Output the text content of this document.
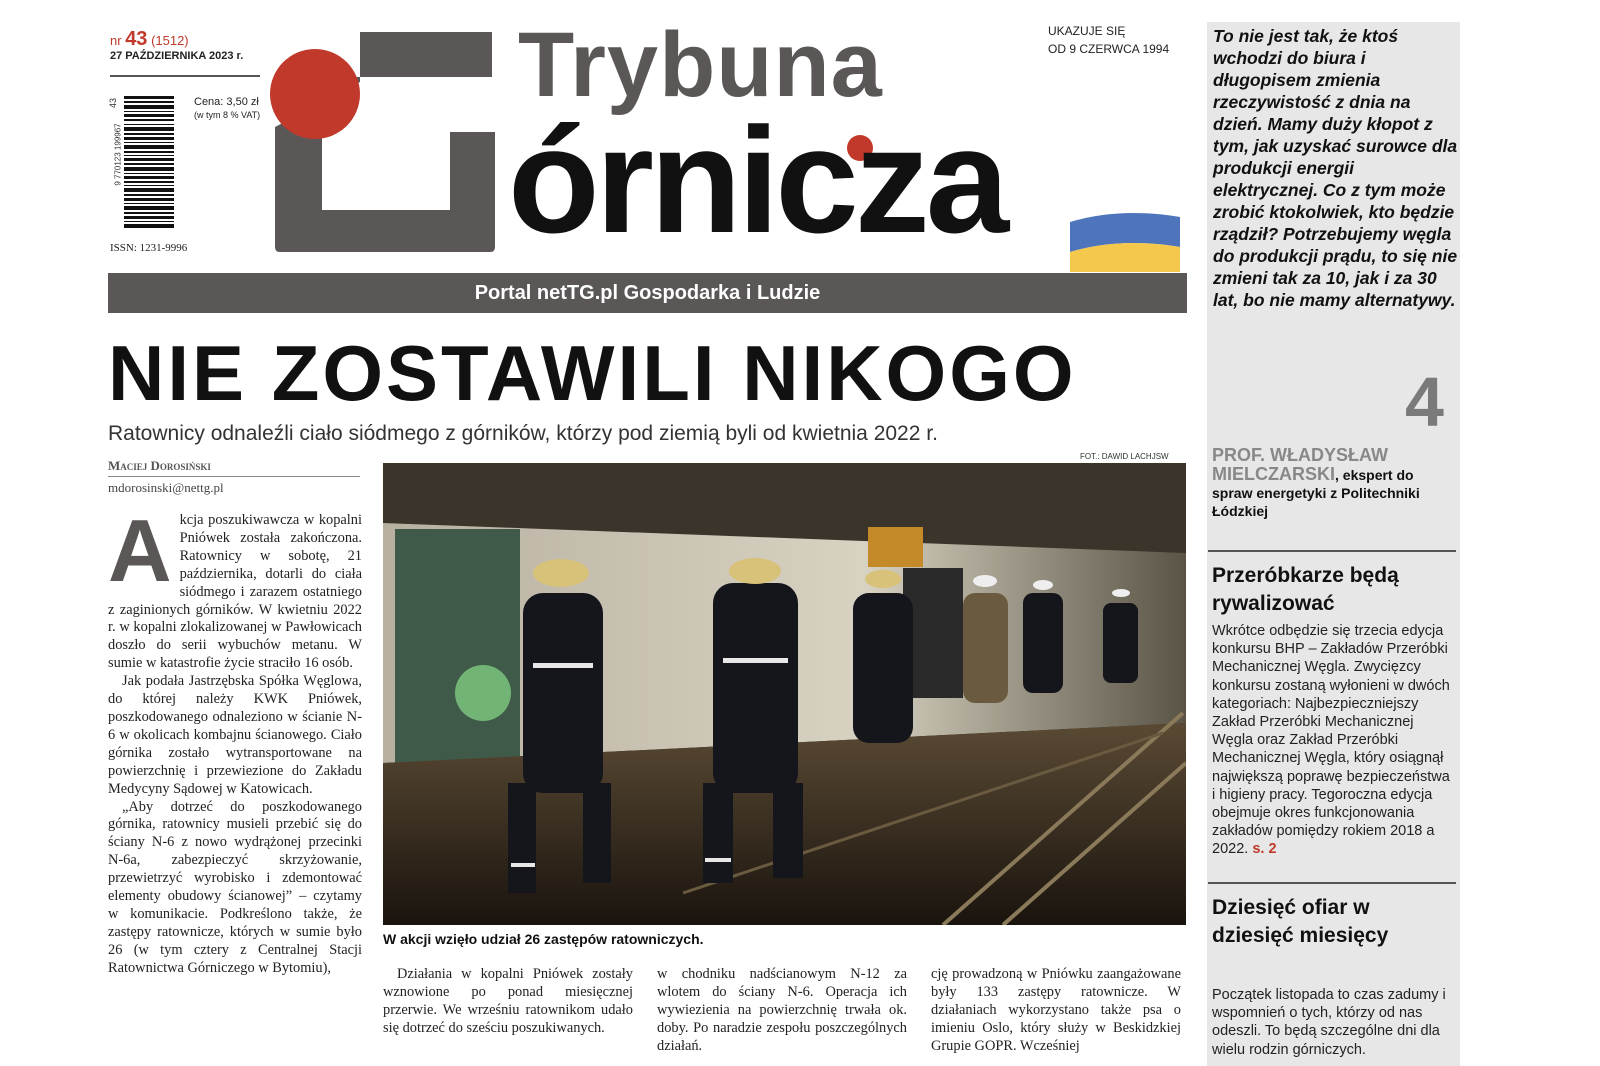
nr 43 (1512)
27 PAŹDZIERNIKA 2023 r.
9 770123 199967
43	Cena: 3,50 zł
(w tym 8 % VAT)
ISSN: 1231-9996
Trybuna
órnicza
UKAZUJE SIĘ
OD 9 CZERWCA 1994
Portal netTG.pl Gospodarka i Ludzie
NIE ZOSTAWILI NIKOGO
Ratownicy odnaleźli ciało siódmego z górników, którzy pod ziemią byli od kwietnia 2022 r.
Maciej Dorosiński
mdorosinski@nettg.pl
A kcja poszukiwawcza w kopalni Pniówek została zakończona. Ratownicy w sobotę, 21 października, dotarli do ciała siódmego i zarazem ostatniego z zaginionych górników. W kwietniu 2022 r. w kopalni zlokalizowanej w Pawłowicach doszło do serii wybuchów metanu. W sumie w katastrofie życie straciło 16 osób.

Jak podała Jastrzębska Spółka Węglowa, do której należy KWK Pniówek, poszkodowanego odnaleziono w ścianie N-6 w okolicach kombajnu ścianowego. Ciało górnika zostało wytransportowane na powierzchnię i przewiezione do Zakładu Medycyny Sądowej w Katowicach.

„Aby dotrzeć do poszkodowanego górnika, ratownicy musieli przebić się do ściany N-6 z nowo wydrążonej przecinki N-6a, zabezpieczyć skrzyżowanie, przewietrzyć wyrobisko i zdemontować elementy obudowy ścianowej” – czytamy w komunikacie. Podkreślono także, że zastępy ratownicze, których w sumie było 26 (w tym cztery z Centralnej Stacji Ratownictwa Górniczego w Bytomiu),

FOT.: DAWID LACHJSW
W akcji wzięło udział 26 zastępów ratowniczych.

Działania w kopalni Pniówek zostały wznowione po ponad miesięcznej przerwie. We wrześniu ratownikom udało się dotrzeć do sześciu poszukiwanych.

w chodniku nadścianowym N-12 za wlotem do ściany N-6. Operacja ich wywiezienia na powierzchnię trwała ok. doby. Po naradzie zespołu poszczególnych działań.

cję prowadzoną w Pniówku zaangażowane były 133 zastępy ratownicze. W działaniach wykorzystano także psa o imieniu Oslo, który służy w Beskidzkiej Grupie GOPR. Wcześniej

To nie jest tak, że ktoś wchodzi do biura i długopisem zmienia rzeczywistość z dnia na dzień. Mamy duży kłopot z tym, jak uzyskać surowce dla produkcji energii elektrycznej. Co z tym może zrobić ktokolwiek, kto będzie rządził? Potrzebujemy węgla do produkcji prądu, to się nie zmieni tak za 10, jak i za 30 lat, bo nie mamy alternatywy.
4
PROF. WŁADYSŁAW MIELCZARSKI, ekspert do spraw energetyki z Politechniki Łódzkiej
Przeróbkarze będą rywalizować
Wkrótce odbędzie się trzecia edycja konkursu BHP – Zakładów Przeróbki Mechanicznej Węgla. Zwycięzcy konkursu zostaną wyłonieni w dwóch kategoriach: Najbezpieczniejszy Zakład Przeróbki Mechanicznej Węgla oraz Zakład Przeróbki Mechanicznej Węgla, który osiągnął największą poprawę bezpieczeństwa i higieny pracy. Tegoroczna edycja obejmuje okres funkcjonowania zakładów pomiędzy rokiem 2018 a 2022. s. 2
Dziesięć ofiar w dziesięć miesięcy
Początek listopada to czas zadumy i wspomnień o tych, którzy od nas odeszli. To będą szczególne dni dla wielu rodzin górniczych.
